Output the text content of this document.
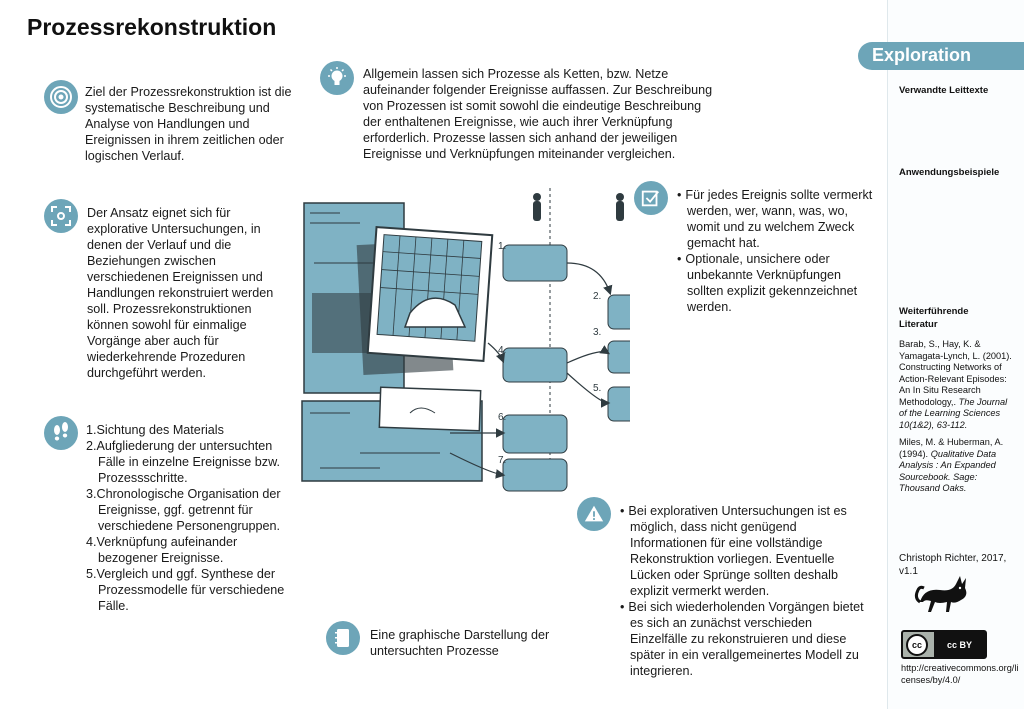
Prozessrekonstruktion
Exploration
Ziel der Prozessrekonstruktion ist die systematische Beschreibung und Analyse von Handlungen und Ereignissen in ihrem zeitlichen oder logischen Verlauf.
Allgemein lassen sich Prozesse als Ketten, bzw. Netze aufeinander folgender Ereignisse auffassen. Zur Beschreibung von Prozessen ist somit sowohl die eindeutige Beschreibung der enthaltenen Ereignisse, wie auch ihrer Verknüpfung erforderlich. Prozesse lassen sich anhand der jeweiligen Ereignisse und Verknüpfungen miteinander vergleichen.
Der Ansatz eignet sich für explorative Untersuchungen, in denen der Verlauf und die Beziehungen zwischen verschiedenen Ereignissen und Handlungen rekonstruiert werden soll. Prozessrekonstruktionen können sowohl für einmalige Vorgänge aber auch für wiederkehrende Prozeduren durchgeführt werden.
1.Sichtung des Materials
2.Aufgliederung der untersuchten Fälle in einzelne Ereignisse bzw. Prozessschritte.
3.Chronologische Organisation der Ereignisse, ggf. getrennt für verschiedene Personengruppen.
4.Verknüpfung aufeinander bezogener Ereignisse.
5.Vergleich und ggf. Synthese der Prozessmodelle für verschiedene Fälle.
• Für jedes Ereignis sollte vermerkt werden, wer, wann, was, wo, womit und zu welchem Zweck gemacht hat.
• Optionale, unsichere oder unbekannte Verknüpfungen sollten explizit gekennzeichnet werden.
• Bei explorativen Untersuchungen ist es möglich, dass nicht genügend Informationen für eine vollständige Rekonstruktion vorliegen. Eventuelle Lücken oder Sprünge sollten deshalb explizit vermerkt werden.
• Bei sich wiederholenden Vorgängen bietet es sich an zunächst verschieden Einzelfälle zu rekonstruieren und diese später in ein verallgemeinertes Modell zu integrieren.
Eine graphische Darstellung der untersuchten Prozesse
1.
2.
3.
4.
5.
6.
7.
Verwandte Leittexte
Anwendungsbeispiele
Weiterführende Literatur
Barab, S., Hay, K. & Yamagata-Lynch, L. (2001). Constructing Networks of Action-Relevant Episodes: An In Situ Research Methodology,. The Journal of the Learning Sciences 10(1&2), 63-112.
Miles, M. & Huberman, A. (1994). Qualitative Data Analysis : An Expanded Sourcebook. Sage: Thousand Oaks.
Christoph Richter, 2017, v1.1
cc	cc BY
http://creativecommons.org/licenses/by/4.0/
